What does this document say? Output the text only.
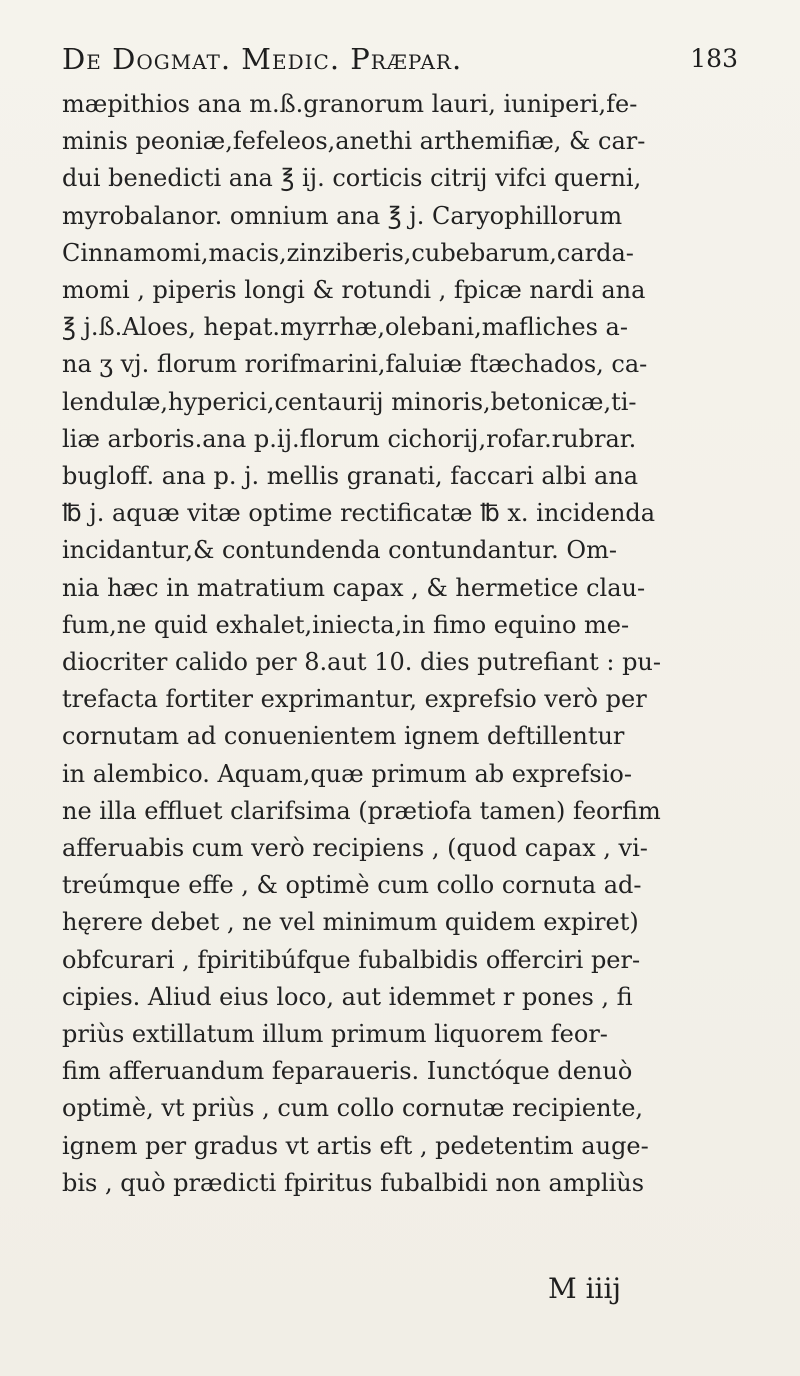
De Dogmat. Medic. Præpar.	183
mæpithios ana m.ß.granorum lauri, iuniperi,fe-
minis peoniæ,fefeleos,anethi arthemifiæ, & car-
dui benedicti ana ℥ ij. corticis citrij vifci querni,
myrobalanor. omnium ana ℥ j. Caryophillorum
Cinnamomi,macis,zinziberis,cubebarum,carda-
momi , piperis longi & rotundi , fpicæ nardi ana
℥ j.ß.Aloes, hepat.myrrhæ,olebani,mafliches a-
na ʒ vj. florum rorifmarini,faluiæ ftæchados, ca-
lendulæ,hyperici,centaurij minoris,betonicæ,ti-
liæ arboris.ana p.ij.florum cichorij,rofar.rubrar.
bugloff. ana p. j. mellis granati, faccari albi ana
℔ j. aquæ vitæ optime rectificatæ ℔ x. incidenda
incidantur,& contundenda contundantur. Om-
nia hæc in matratium capax , & hermetice clau-
fum,ne quid exhalet,iniecta,in fimo equino me-
diocriter calido per 8.aut 10. dies putrefiant : pu-
trefacta fortiter exprimantur, exprefsio verò per
cornutam ad conuenientem ignem deftillentur
in alembico. Aquam,quæ primum ab exprefsio-
ne illa effluet clarifsima (prætiofa tamen) feorfim
afferuabis cum verò recipiens , (quod capax , vi-
treúmque effe , & optimè cum collo cornuta ad-
hęrere debet , ne vel minimum quidem expiret)
obfcurari , fpiritibúfque fubalbidis offerciri per-
cipies. Aliud eius loco, aut idemmet r pones , fi
priùs extillatum illum primum liquorem feor-
fim afferuandum feparaueris. Iunctóque denuò
optimè, vt priùs , cum collo cornutæ recipiente,
ignem per gradus vt artis eft , pedetentim auge-
bis , quò prædicti fpiritus fubalbidi non ampliùs
M iiij
